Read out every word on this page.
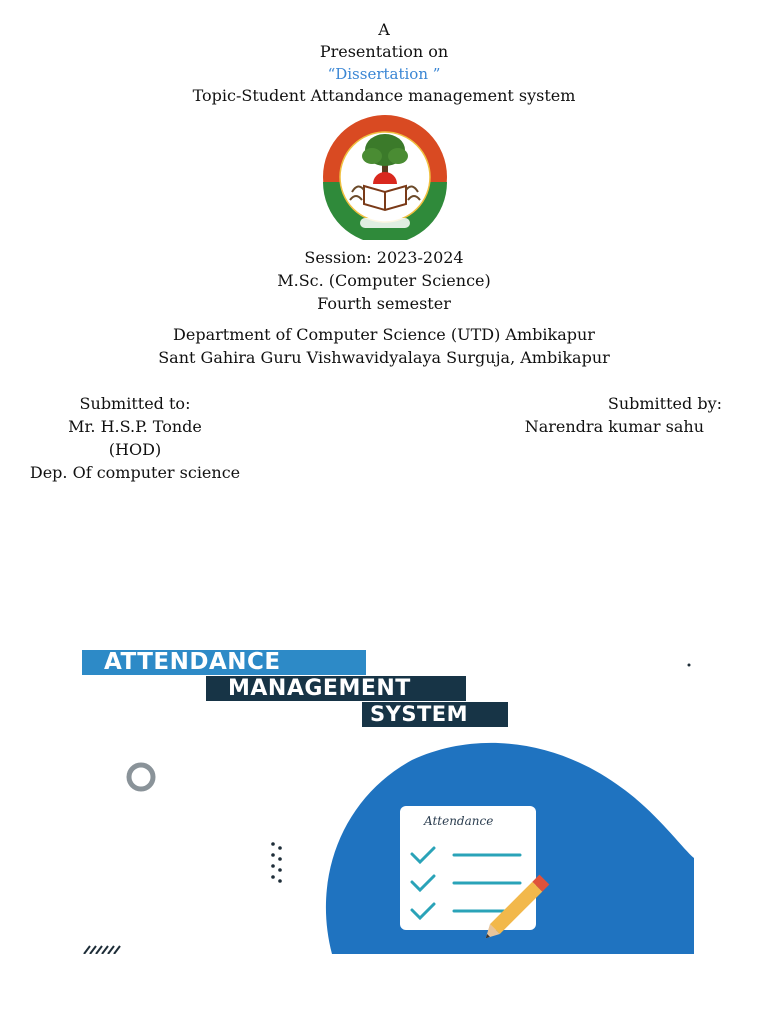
A
Presentation on
“Dissertation ”
Topic-Student Attandance management system
Session: 2023-2024
M.Sc. (Computer Science)
Fourth semester
Department of Computer Science (UTD) Ambikapur
Sant Gahira Guru Vishwavidyalaya Surguja, Ambikapur
Submitted to:
Mr. H.S.P. Tonde
(HOD)
Dep. Of computer science
Submitted by:
Narendra kumar sahu
ATTENDANCE
MANAGEMENT
SYSTEM
Attendance
